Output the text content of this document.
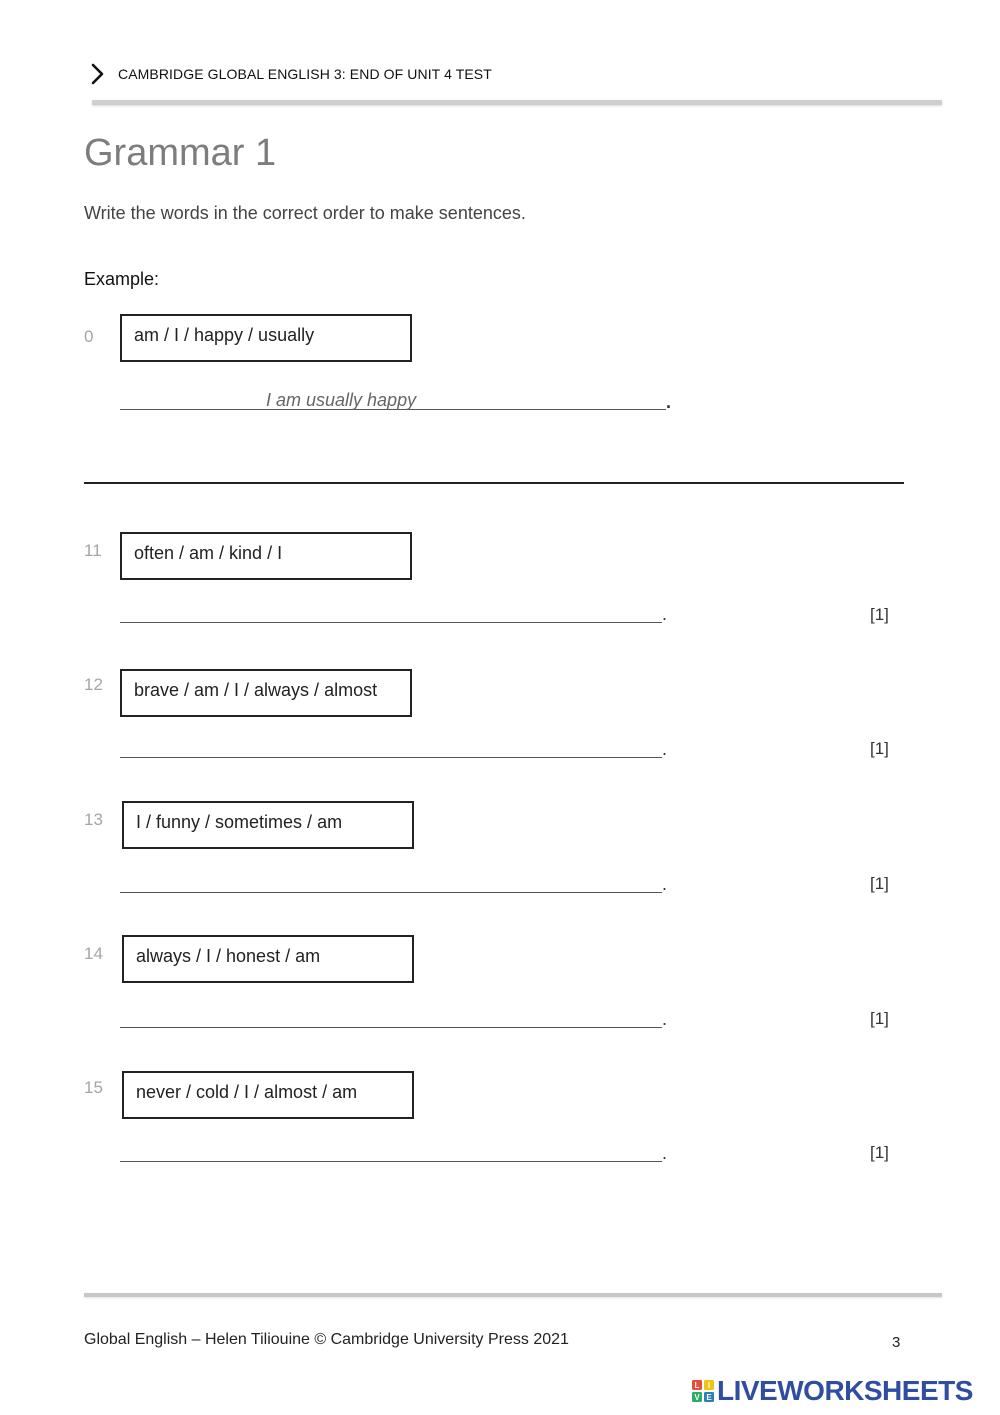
CAMBRIDGE GLOBAL ENGLISH 3: END OF UNIT 4 TEST
Grammar 1
Write the words in the correct order to make sentences.
Example:
0	am / I / happy / usually
I am usually happy	.
11	often / am / kind / I
.	[1]
12	brave / am / I / always / almost
.	[1]
13	I / funny / sometimes / am
.	[1]
14	always / I / honest / am
.	[1]
15	never / cold / I / almost / am
.	[1]
Global English – Helen Tiliouine © Cambridge University Press 2021	3
L I
V E LIVEWORKSHEETS
